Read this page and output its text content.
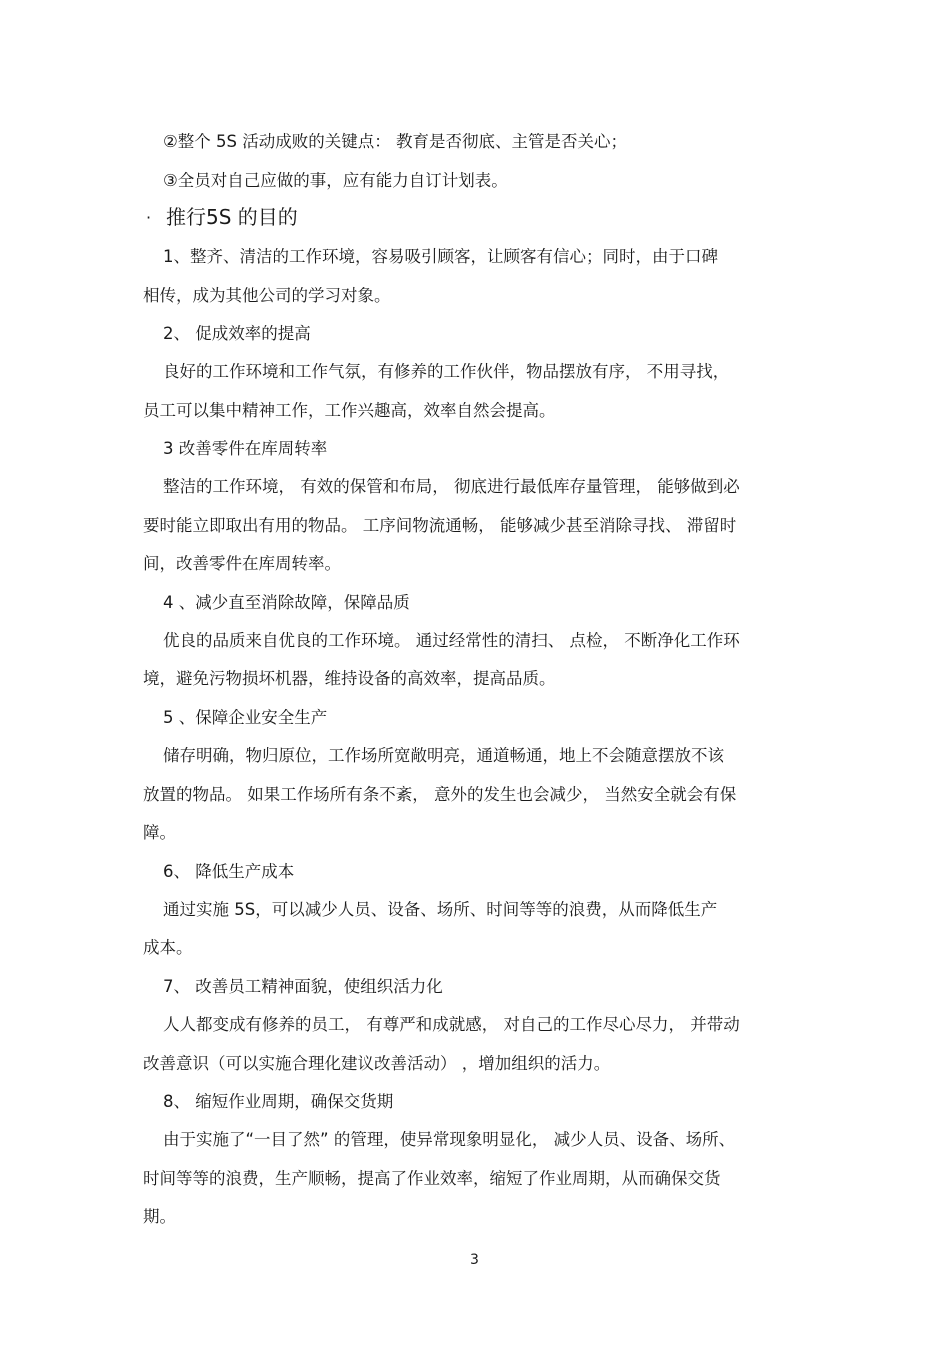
②整个 5S 活动成败的关键点： 教育是否彻底、主管是否关心；
③全员对自己应做的事，应有能力自订计划表。
· 推行5S 的目的
1、整齐、清洁的工作环境，容易吸引顾客，让顾客有信心；同时，由于口碑
相传，成为其他公司的学习对象。
2、 促成效率的提高
良好的工作环境和工作气氛，有修养的工作伙伴，物品摆放有序， 不用寻找，
员工可以集中精神工作，工作兴趣高，效率自然会提高。
3 改善零件在库周转率
整洁的工作环境， 有效的保管和布局， 彻底进行最低库存量管理， 能够做到必
要时能立即取出有用的物品。 工序间物流通畅， 能够减少甚至消除寻找、 滞留时
间，改善零件在库周转率。
4 、减少直至消除故障，保障品质
优良的品质来自优良的工作环境。 通过经常性的清扫、 点检， 不断净化工作环
境，避免污物损坏机器，维持设备的高效率，提高品质。
5 、保障企业安全生产
储存明确，物归原位，工作场所宽敞明亮，通道畅通，地上不会随意摆放不该
放置的物品。 如果工作场所有条不紊， 意外的发生也会减少， 当然安全就会有保
障。
6、 降低生产成本
通过实施 5S，可以减少人员、设备、场所、时间等等的浪费，从而降低生产
成本。
7、 改善员工精神面貌，使组织活力化
人人都变成有修养的员工， 有尊严和成就感， 对自己的工作尽心尽力， 并带动
改善意识（可以实施合理化建议改善活动） ，增加组织的活力。
8、 缩短作业周期，确保交货期
由于实施了“一目了然” 的管理，使异常现象明显化， 减少人员、设备、场所、
时间等等的浪费，生产顺畅，提高了作业效率，缩短了作业周期，从而确保交货
期。
3
